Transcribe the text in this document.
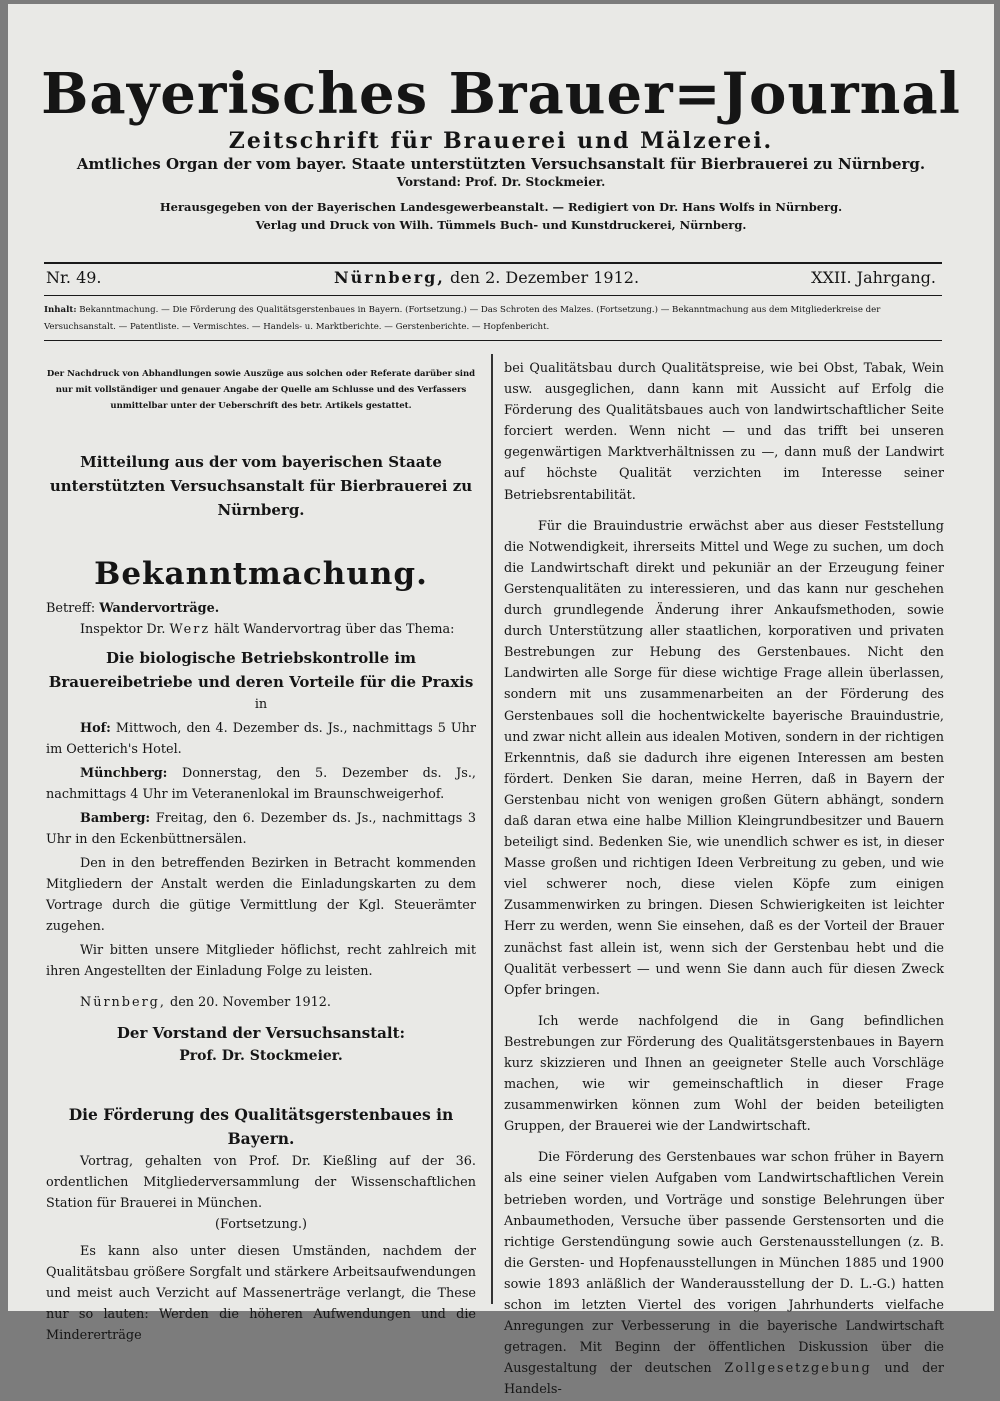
Bayerisches Brauer=Journal
Zeitschrift für Brauerei und Mälzerei.
Amtliches Organ der vom bayer. Staate unterstützten Versuchsanstalt für Bierbrauerei zu Nürnberg.
Vorstand: Prof. Dr. Stockmeier.
Herausgegeben von der Bayerischen Landesgewerbeanstalt. — Redigiert von Dr. Hans Wolfs in Nürnberg.
Verlag und Druck von Wilh. Tümmels Buch- und Kunstdruckerei, Nürnberg.
Nr. 49.	Nürnberg, den 2. Dezember 1912.	XXII. Jahrgang.
Inhalt: Bekanntmachung. — Die Förderung des Qualitätsgerstenbaues in Bayern. (Fortsetzung.) — Das Schroten des Malzes. (Fortsetzung.) — Bekanntmachung aus dem Mitgliederkreise der Versuchsanstalt. — Patentliste. — Vermischtes. — Handels- u. Marktberichte. — Gerstenberichte. — Hopfenbericht.

Der Nachdruck von Abhandlungen sowie Auszüge aus solchen oder Referate darüber sind nur mit vollständiger und genauer Angabe der Quelle am Schlusse und des Verfassers unmittelbar unter der Ueberschrift des betr. Artikels gestattet.

Mitteilung aus der vom bayerischen Staate unterstützten Versuchsanstalt für Bierbrauerei zu Nürnberg.

Bekanntmachung.

Betreff: Wandervorträge.

Inspektor Dr. Werz hält Wandervortrag über das Thema:

Die biologische Betriebskontrolle im Brauereibetriebe und deren Vorteile für die Praxis

in

Hof: Mittwoch, den 4. Dezember ds. Js., nachmittags 5 Uhr im Oetterich's Hotel.

Münchberg: Donnerstag, den 5. Dezember ds. Js., nachmittags 4 Uhr im Veteranenlokal im Braunschweigerhof.

Bamberg: Freitag, den 6. Dezember ds. Js., nachmittags 3 Uhr in den Eckenbüttnersälen.

Den in den betreffenden Bezirken in Betracht kommenden Mitgliedern der Anstalt werden die Einladungskarten zu dem Vortrage durch die gütige Vermittlung der Kgl. Steuerämter zugehen.

Wir bitten unsere Mitglieder höflichst, recht zahlreich mit ihren Angestellten der Einladung Folge zu leisten.

Nürnberg, den 20. November 1912.

Der Vorstand der Versuchsanstalt:

Prof. Dr. Stockmeier.

Die Förderung des Qualitätsgerstenbaues in Bayern.

Vortrag, gehalten von Prof. Dr. Kießling auf der 36. ordentlichen Mitgliederversammlung der Wissenschaftlichen Station für Brauerei in München.

(Fortsetzung.)

Es kann also unter diesen Umständen, nachdem der Qualitätsbau größere Sorgfalt und stärkere Arbeitsaufwendungen und meist auch Verzicht auf Massenerträge verlangt, die These nur so lauten: Werden die höheren Aufwendungen und die Mindererträge

bei Qualitätsbau durch Qualitätspreise, wie bei Obst, Tabak, Wein usw. ausgeglichen, dann kann mit Aussicht auf Erfolg die Förderung des Qualitätsbaues auch von landwirtschaftlicher Seite forciert werden. Wenn nicht — und das trifft bei unseren gegenwärtigen Marktverhältnissen zu —, dann muß der Landwirt auf höchste Qualität verzichten im Interesse seiner Betriebsrentabilität.

Für die Brauindustrie erwächst aber aus dieser Feststellung die Notwendigkeit, ihrerseits Mittel und Wege zu suchen, um doch die Landwirtschaft direkt und pekuniär an der Erzeugung feiner Gerstenqualitäten zu interessieren, und das kann nur geschehen durch grundlegende Änderung ihrer Ankaufsmethoden, sowie durch Unterstützung aller staatlichen, korporativen und privaten Bestrebungen zur Hebung des Gerstenbaues. Nicht den Landwirten alle Sorge für diese wichtige Frage allein überlassen, sondern mit uns zusammenarbeiten an der Förderung des Gerstenbaues soll die hochentwickelte bayerische Brauindustrie, und zwar nicht allein aus idealen Motiven, sondern in der richtigen Erkenntnis, daß sie dadurch ihre eigenen Interessen am besten fördert. Denken Sie daran, meine Herren, daß in Bayern der Gerstenbau nicht von wenigen großen Gütern abhängt, sondern daß daran etwa eine halbe Million Kleingrundbesitzer und Bauern beteiligt sind. Bedenken Sie, wie unendlich schwer es ist, in dieser Masse großen und richtigen Ideen Verbreitung zu geben, und wie viel schwerer noch, diese vielen Köpfe zum einigen Zusammenwirken zu bringen. Diesen Schwierigkeiten ist leichter Herr zu werden, wenn Sie einsehen, daß es der Vorteil der Brauer zunächst fast allein ist, wenn sich der Gerstenbau hebt und die Qualität verbessert — und wenn Sie dann auch für diesen Zweck Opfer bringen.

Ich werde nachfolgend die in Gang befindlichen Bestrebungen zur Förderung des Qualitätsgerstenbaues in Bayern kurz skizzieren und Ihnen an geeigneter Stelle auch Vorschläge machen, wie wir gemeinschaftlich in dieser Frage zusammenwirken können zum Wohl der beiden beteiligten Gruppen, der Brauerei wie der Landwirtschaft.

Die Förderung des Gerstenbaues war schon früher in Bayern als eine seiner vielen Aufgaben vom Landwirtschaftlichen Verein betrieben worden, und Vorträge und sonstige Belehrungen über Anbaumethoden, Versuche über passende Gerstensorten und die richtige Gerstendüngung sowie auch Gerstenausstellungen (z. B. die Gersten- und Hopfenausstellungen in München 1885 und 1900 sowie 1893 anläßlich der Wanderausstellung der D. L.-G.) hatten schon im letzten Viertel des vorigen Jahrhunderts vielfache Anregungen zur Verbesserung in die bayerische Landwirtschaft getragen. Mit Beginn der öffentlichen Diskussion über die Ausgestaltung der deutschen Zollgesetzgebung und der Handels-
